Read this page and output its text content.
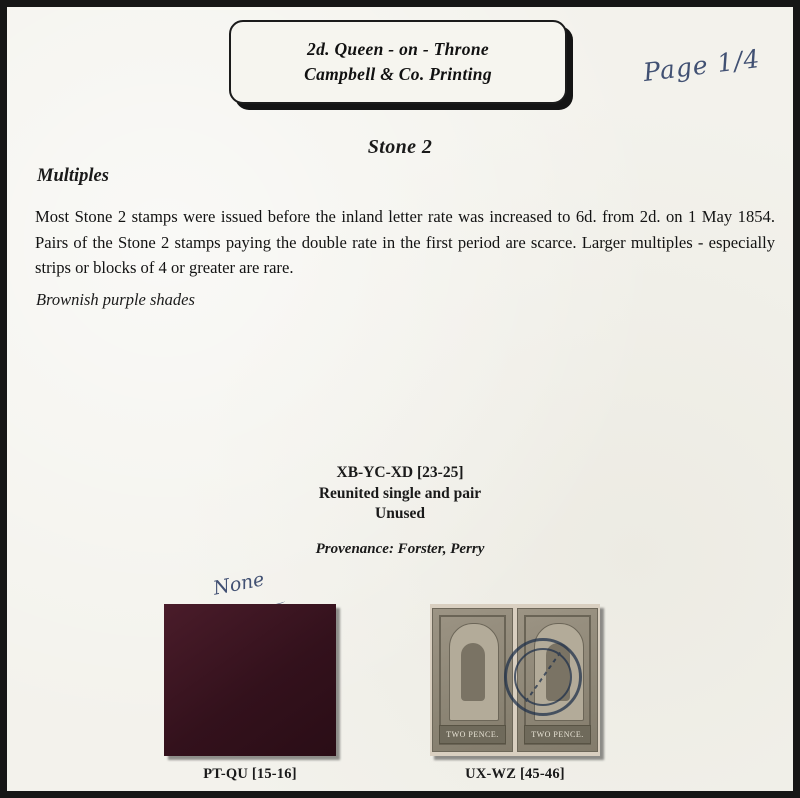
2d. Queen - on - Throne
Campbell & Co. Printing	Page 1/4
Stone 2
Multiples
Most Stone 2 stamps were issued before the inland letter rate was increased to 6d. from 2d. on 1 May 1854. Pairs of the Stone 2 stamps paying the double rate in the first period are scarce. Larger multiples - especially strips or blocks of 4 or greater are rare.
Brownish purple shades
XB-YC-XD [23-25]
Reunited single and pair
Unused
Provenance: Forster, Perry
None
PT-QU [15-16]
TWO PENCE.	TWO PENCE.
UX-WZ [45-46]
